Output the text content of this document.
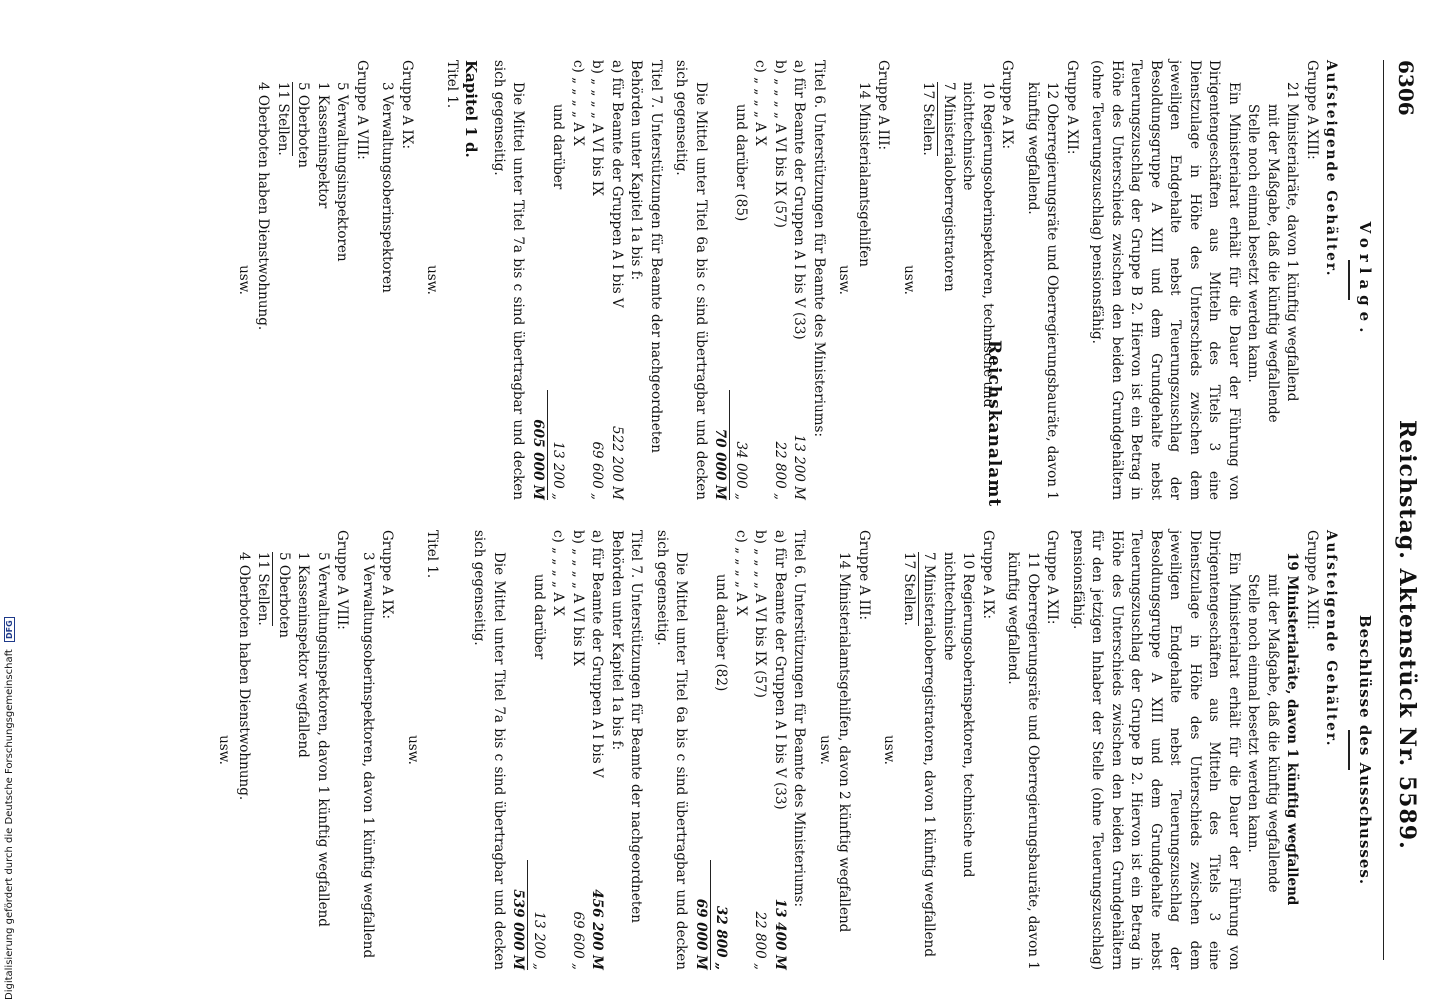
6306
Reichstag. Aktenstück Nr. 5589.
Vorlage.
Aufsteigende Gehälter.
Gruppe A XIII:
21 Ministerialräte, davon 1 künftig wegfallend
mit der Maßgabe, daß die künftig wegfallende
Stelle noch einmal besetzt werden kann.
Ein Ministerialrat erhält für die Dauer der Führung von Dirigentengeschäften aus Mitteln des Titels 3 eine Dienstzulage in Höhe des Unterschieds zwischen dem jeweiligen Endgehalte nebst Teuerungszuschlag der Besoldungsgruppe A XIII und dem Grundgehalte nebst Teuerungszuschlag der Gruppe B 2. Hiervon ist ein Betrag in Höhe des Unterschieds zwischen den beiden Grundgehältern (ohne Teuerungszuschlag) pensionsfähig.
Gruppe A XII:
12 Oberregierungsräte und Oberregierungsbauräte, davon 1 künftig wegfallend.
Gruppe A IX:
10 Regierungsoberinspektoren, technische und nichttechnische
7 Ministerialoberregistratoren
17 Stellen.
usw.
Gruppe A III:
14 Ministerialamtsgehilfen
usw.
Titel 6. Unterstützungen für Beamte des Ministeriums:
a) für Beamte der Gruppen A I bis V (33)
13 200 M
b) „ „ „ „ A VI bis IX (57)
22 800 „
c) „ „ „ „ A X
und darüber (85)
34 000 „
70 000 M
Die Mittel unter Titel 6a bis c sind übertragbar und decken sich gegenseitig.
Titel 7. Unterstützungen für Beamte der nachgeordneten Behörden unter Kapitel 1a bis f:
a) für Beamte der Gruppen A I bis V
522 200 M
b) „ „ „ „ A VI bis IX
69 600 „
c) „ „ „ „ A X
und darüber
13 200 „
605 000 M
Die Mittel unter Titel 7a bis c sind übertragbar und decken sich gegenseitig.
Kapitel 1 d.
Titel 1.
usw.
Gruppe A IX:
3 Verwaltungsoberinspektoren
Gruppe A VIII:
5 Verwaltungsinspektoren
1 Kasseninspektor
5 Oberboten
11 Stellen.
4 Oberboten haben Dienstwohnung.
usw.
Beschlüsse des Ausschusses.
Aufsteigende Gehälter.
Gruppe A XIII:
19 Ministerialräte, davon 1 künftig wegfallend
mit der Maßgabe, daß die künftig wegfallende
Stelle noch einmal besetzt werden kann.
Ein Ministerialrat erhält für die Dauer der Führung von Dirigentengeschäften aus Mitteln des Titels 3 eine Dienstzulage in Höhe des Unterschieds zwischen dem jeweiligen Endgehalte nebst Teuerungszuschlag der Besoldungsgruppe A XIII und dem Grundgehalte nebst Teuerungszuschlag der Gruppe B 2. Hiervon ist ein Betrag in Höhe des Unterschieds zwischen den beiden Grundgehältern für den jetzigen Inhaber der Stelle (ohne Teuerungszuschlag) pensionsfähig.
Gruppe A XII:
11 Oberregierungsräte und Oberregierungsbauräte, davon 1 künftig wegfallend.
Gruppe A IX:
10 Regierungsoberinspektoren, technische und nichttechnische
7 Ministerialoberregistratoren, davon 1 künftig wegfallend
17 Stellen.
usw.
Gruppe A III:
14 Ministerialamtsgehilfen, davon 2 künftig wegfallend
usw.
Titel 6. Unterstützungen für Beamte des Ministeriums:
a) für Beamte der Gruppen A I bis V (33)
13 400 M
b) „ „ „ „ A VI bis IX (57)
22 800 „
c) „ „ „ „ A X
und darüber (82)
32 800 „
69 000 M
Die Mittel unter Titel 6a bis c sind übertragbar und decken sich gegenseitig.
Titel 7. Unterstützungen für Beamte der nachgeordneten Behörden unter Kapitel 1a bis f:
a) für Beamte der Gruppen A I bis V
456 200 M
b) „ „ „ „ A VI bis IX
69 600 „
c) „ „ „ „ A X
und darüber
13 200 „
539 000 M
Die Mittel unter Titel 7a bis c sind übertragbar und decken sich gegenseitig.
Titel 1.
usw.
Gruppe A IX:
3 Verwaltungsoberinspektoren, davon 1 künftig wegfallend
Gruppe A VIII:
5 Verwaltungsinspektoren, davon 1 künftig wegfallend
1 Kasseninspektor wegfallend
5 Oberboten
11 Stellen.
4 Oberboten haben Dienstwohnung.
usw.
Reichskanalamt
Digitalisierung gefördert durch die Deutsche Forschungsgemeinschaft DFG
